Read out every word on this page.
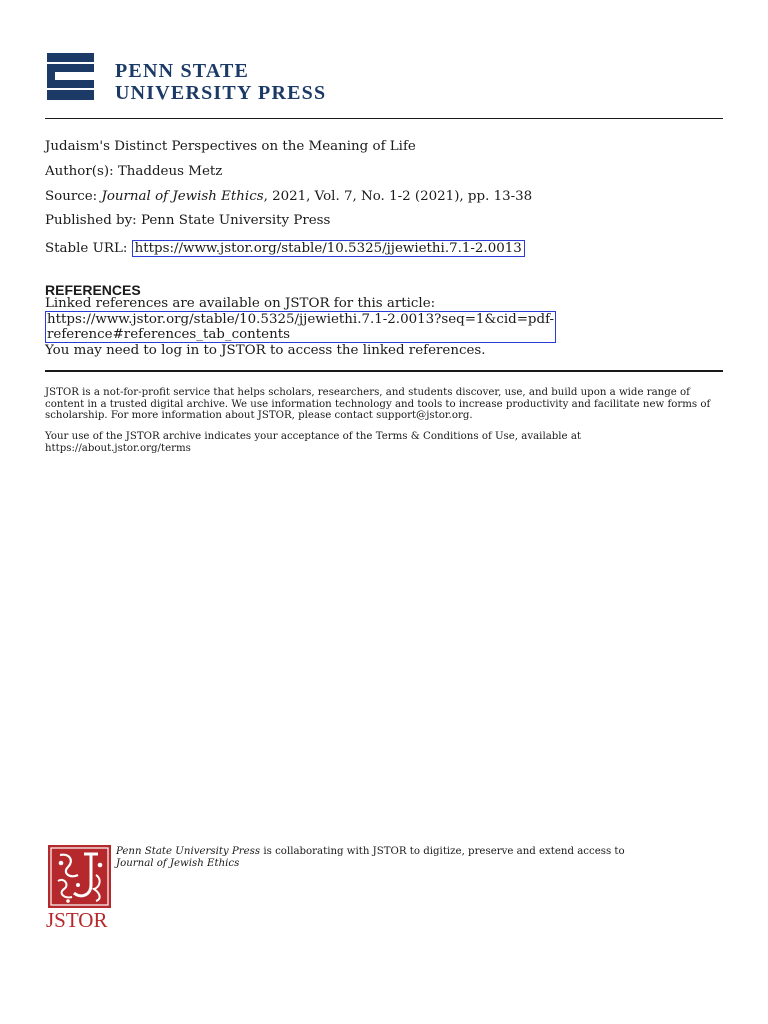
PENN STATE
UNIVERSITY PRESS
Judaism's Distinct Perspectives on the Meaning of Life
Author(s): Thaddeus Metz
Source: Journal of Jewish Ethics, 2021, Vol. 7, No. 1-2 (2021), pp. 13-38
Published by: Penn State University Press
Stable URL: https://www.jstor.org/stable/10.5325/jjewiethi.7.1-2.0013
REFERENCES
Linked references are available on JSTOR for this article:
https://www.jstor.org/stable/10.5325/jjewiethi.7.1-2.0013?seq=1&cid=pdf-
reference#references_tab_contents
You may need to log in to JSTOR to access the linked references.
JSTOR is a not-for-profit service that helps scholars, researchers, and students discover, use, and build upon a wide range of content in a trusted digital archive. We use information technology and tools to increase productivity and facilitate new forms of scholarship. For more information about JSTOR, please contact support@jstor.org.
Your use of the JSTOR archive indicates your acceptance of the Terms & Conditions of Use, available at
https://about.jstor.org/terms
JSTOR
Penn State University Press is collaborating with JSTOR to digitize, preserve and extend access to
Journal of Jewish Ethics
